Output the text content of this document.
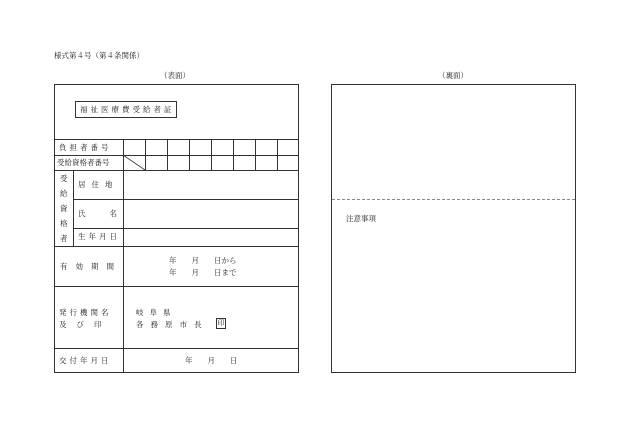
様式第４号（第４条関係）
（表面）	（裏面）
福祉医療費受給者証
負担者番号
受給資格者番号
受
給
資
格
者
居住地
氏名
生年月日
有効期間
年　　月　　日から
年　　月　　日まで
発行機関名
及び印
岐阜県
各務原市長 印
交付年月日	年　　月　　日
注意事項
